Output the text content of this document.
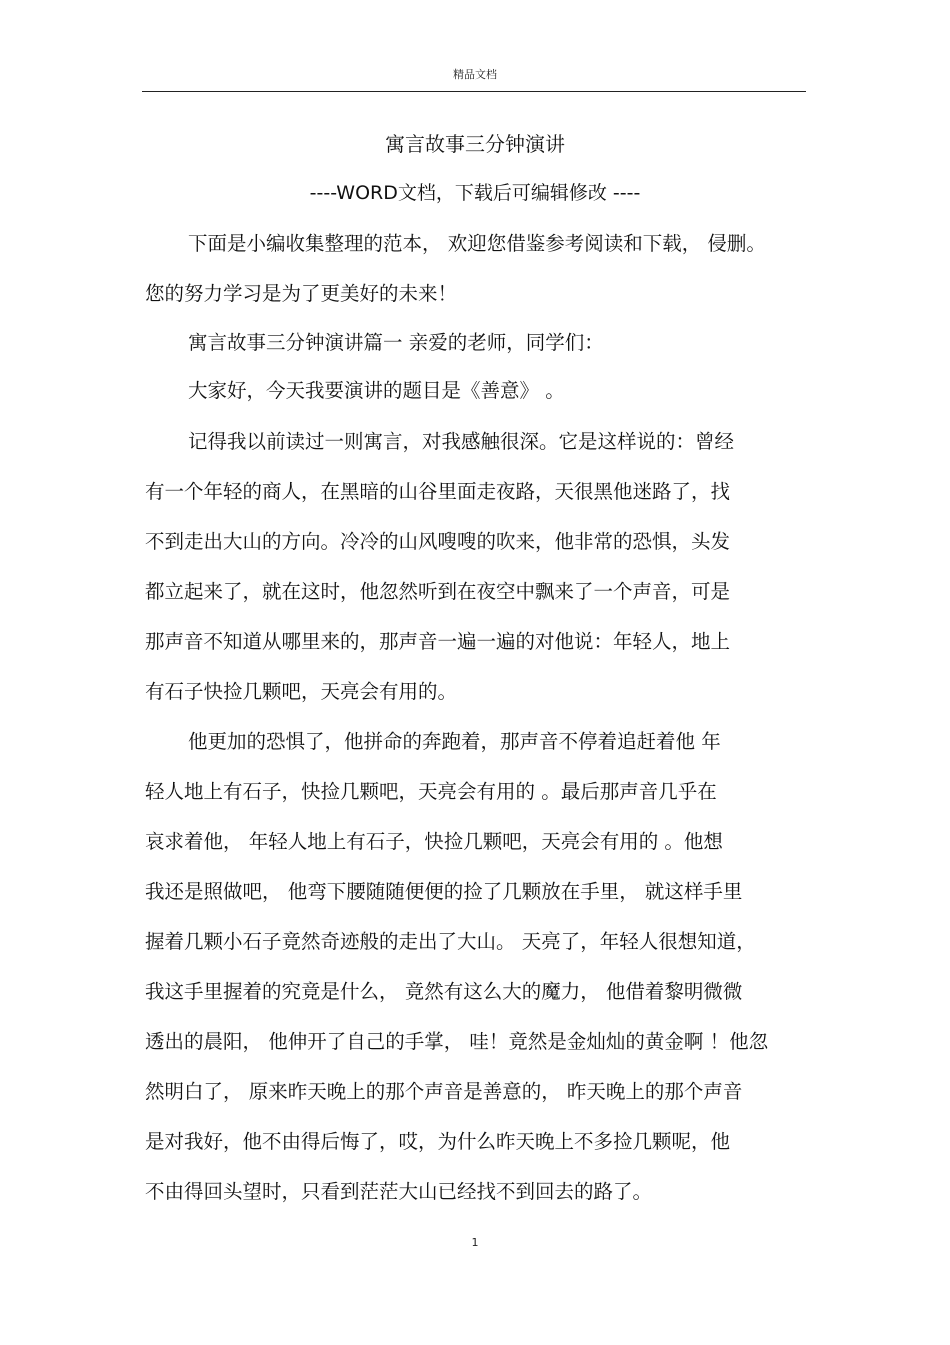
精品文档
寓言故事三分钟演讲
----WORD文档，下载后可编辑修改 ----
下面是小编收集整理的范本， 欢迎您借鉴参考阅读和下载， 侵删。
您的努力学习是为了更美好的未来！
寓言故事三分钟演讲篇一 亲爱的老师，同学们：
大家好，今天我要演讲的题目是《善意》 。
记得我以前读过一则寓言，对我感触很深。它是这样说的：曾经
有一个年轻的商人，在黑暗的山谷里面走夜路，天很黑他迷路了，找
不到走出大山的方向。冷冷的山风嗖嗖的吹来，他非常的恐惧，头发
都立起来了，就在这时，他忽然听到在夜空中飘来了一个声音，可是
那声音不知道从哪里来的，那声音一遍一遍的对他说：年轻人，地上
有石子快捡几颗吧，天亮会有用的。
他更加的恐惧了，他拼命的奔跑着，那声音不停着追赶着他 年
轻人地上有石子，快捡几颗吧，天亮会有用的 。最后那声音几乎在
哀求着他， 年轻人地上有石子，快捡几颗吧，天亮会有用的 。他想
我还是照做吧， 他弯下腰随随便便的捡了几颗放在手里， 就这样手里
握着几颗小石子竟然奇迹般的走出了大山。 天亮了，年轻人很想知道，
我这手里握着的究竟是什么， 竟然有这么大的魔力， 他借着黎明微微
透出的晨阳， 他伸开了自己的手掌， 哇！竟然是金灿灿的黄金啊 ！他忽
然明白了， 原来昨天晚上的那个声音是善意的， 昨天晚上的那个声音
是对我好，他不由得后悔了，哎，为什么昨天晚上不多捡几颗呢，他
不由得回头望时，只看到茫茫大山已经找不到回去的路了。
1
